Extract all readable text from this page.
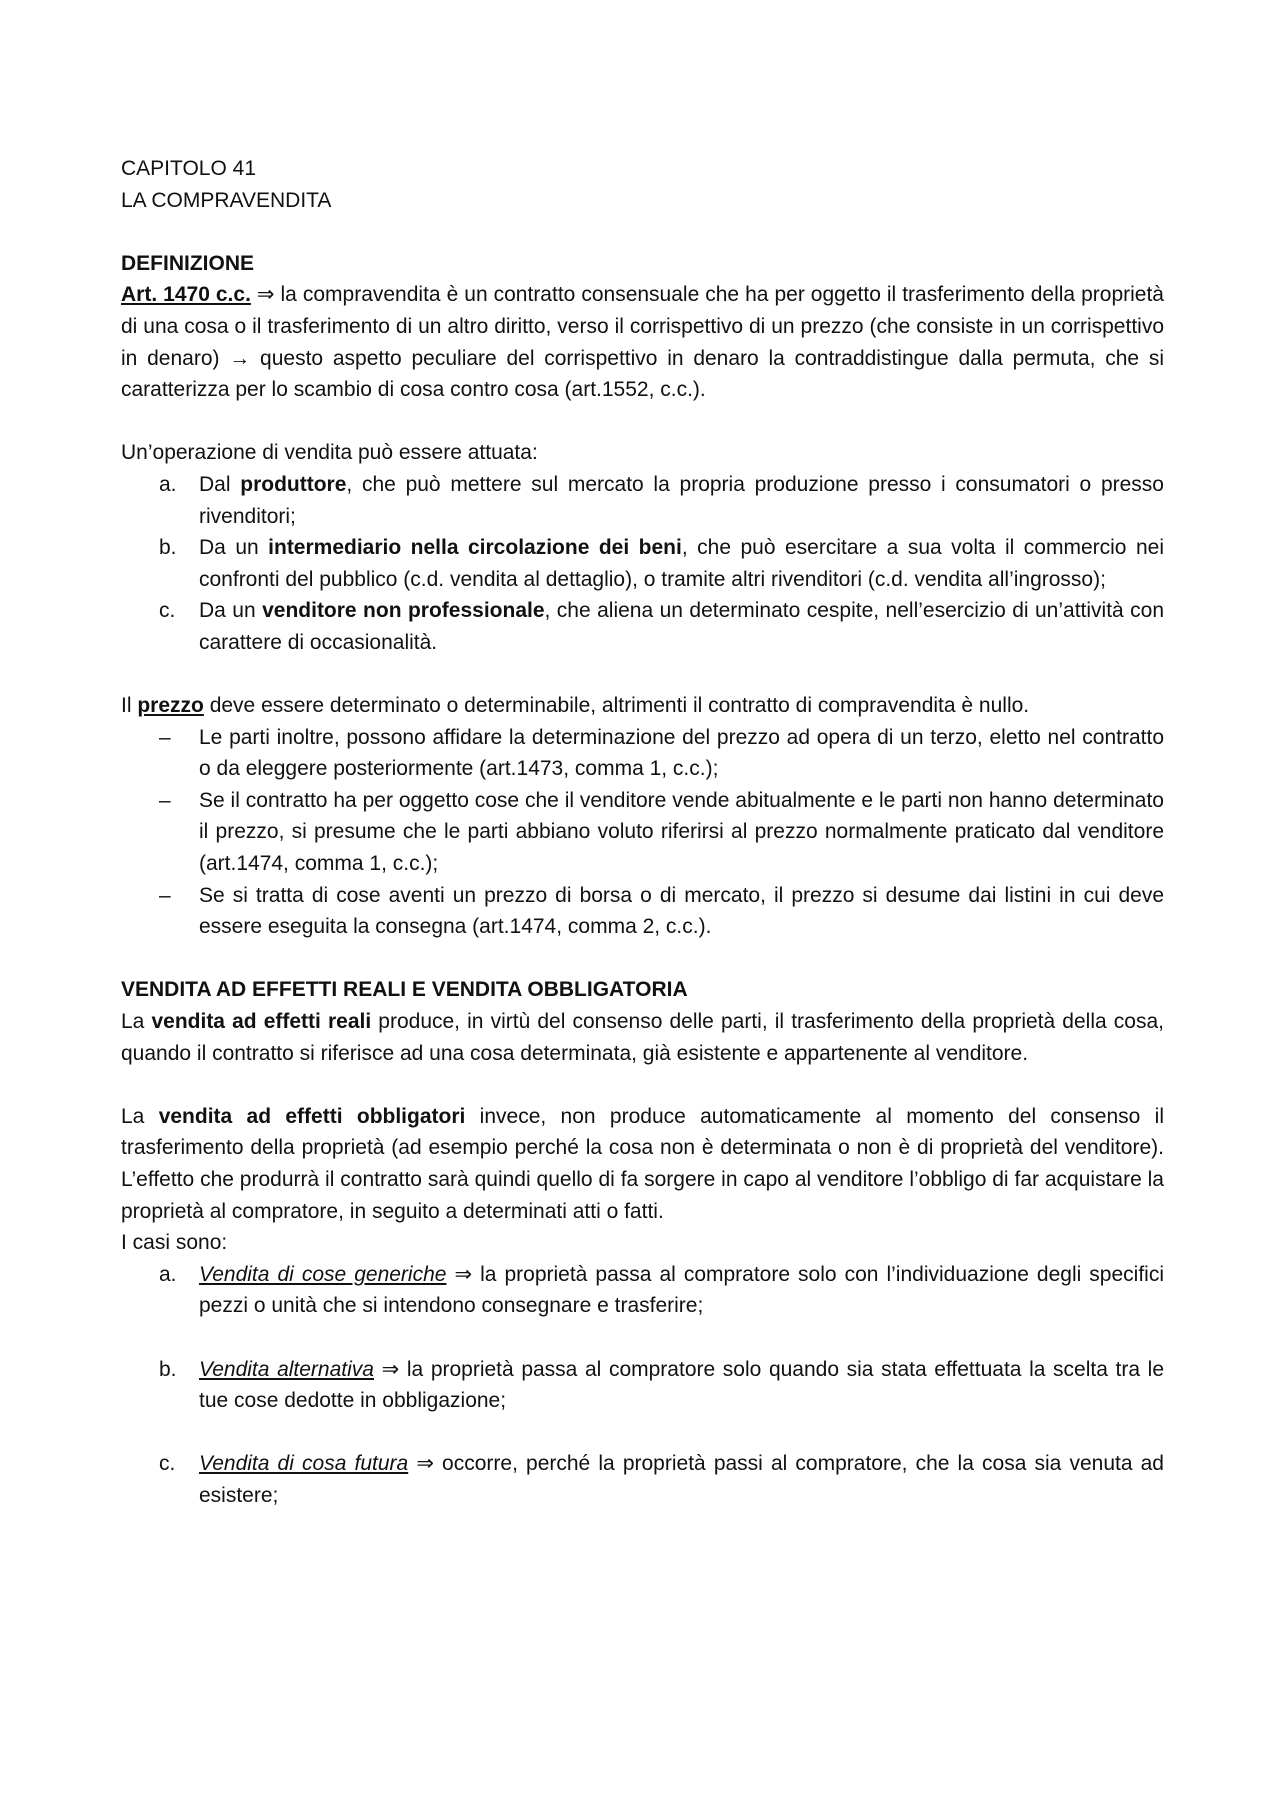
CAPITOLO 41

LA COMPRAVENDITA

DEFINIZIONE

Art. 1470 c.c. ⇒ la compravendita è un contratto consensuale che ha per oggetto il trasferimento della proprietà di una cosa o il trasferimento di un altro diritto, verso il corrispettivo di un prezzo (che consiste in un corrispettivo in denaro) → questo aspetto peculiare del corrispettivo in denaro la contraddistingue dalla permuta, che si caratterizza per lo scambio di cosa contro cosa (art.1552, c.c.).

Un’operazione di vendita può essere attuata:

a.	Dal produttore, che può mettere sul mercato la propria produzione presso i consumatori o presso rivenditori;
b.	Da un intermediario nella circolazione dei beni, che può esercitare a sua volta il commercio nei confronti del pubblico (c.d. vendita al dettaglio), o tramite altri rivenditori (c.d. vendita all’ingrosso);
c.	Da un venditore non professionale, che aliena un determinato cespite, nell’esercizio di un’attività con carattere di occasionalità.

Il prezzo deve essere determinato o determinabile, altrimenti il contratto di compravendita è nullo.

–	Le parti inoltre, possono affidare la determinazione del prezzo ad opera di un terzo, eletto nel contratto o da eleggere posteriormente (art.1473, comma 1, c.c.);
–	Se il contratto ha per oggetto cose che il venditore vende abitualmente e le parti non hanno determinato il prezzo, si presume che le parti abbiano voluto riferirsi al prezzo normalmente praticato dal venditore (art.1474, comma 1, c.c.);
–	Se si tratta di cose aventi un prezzo di borsa o di mercato, il prezzo si desume dai listini in cui deve essere eseguita la consegna (art.1474, comma 2, c.c.).

VENDITA AD EFFETTI REALI E VENDITA OBBLIGATORIA

La vendita ad effetti reali produce, in virtù del consenso delle parti, il trasferimento della proprietà della cosa, quando il contratto si riferisce ad una cosa determinata, già esistente e appartenente al venditore.

La vendita ad effetti obbligatori invece, non produce automaticamente al momento del consenso il trasferimento della proprietà (ad esempio perché la cosa non è determinata o non è di proprietà del venditore). L’effetto che produrrà il contratto sarà quindi quello di fa sorgere in capo al venditore l’obbligo di far acquistare la proprietà al compratore, in seguito a determinati atti o fatti.

I casi sono:

a.	Vendita di cose generiche ⇒ la proprietà passa al compratore solo con l’individuazione degli specifici pezzi o unità che si intendono consegnare e trasferire;
b.	Vendita alternativa ⇒ la proprietà passa al compratore solo quando sia stata effettuata la scelta tra le tue cose dedotte in obbligazione;
c.	Vendita di cosa futura ⇒ occorre, perché la proprietà passi al compratore, che la cosa sia venuta ad esistere;
